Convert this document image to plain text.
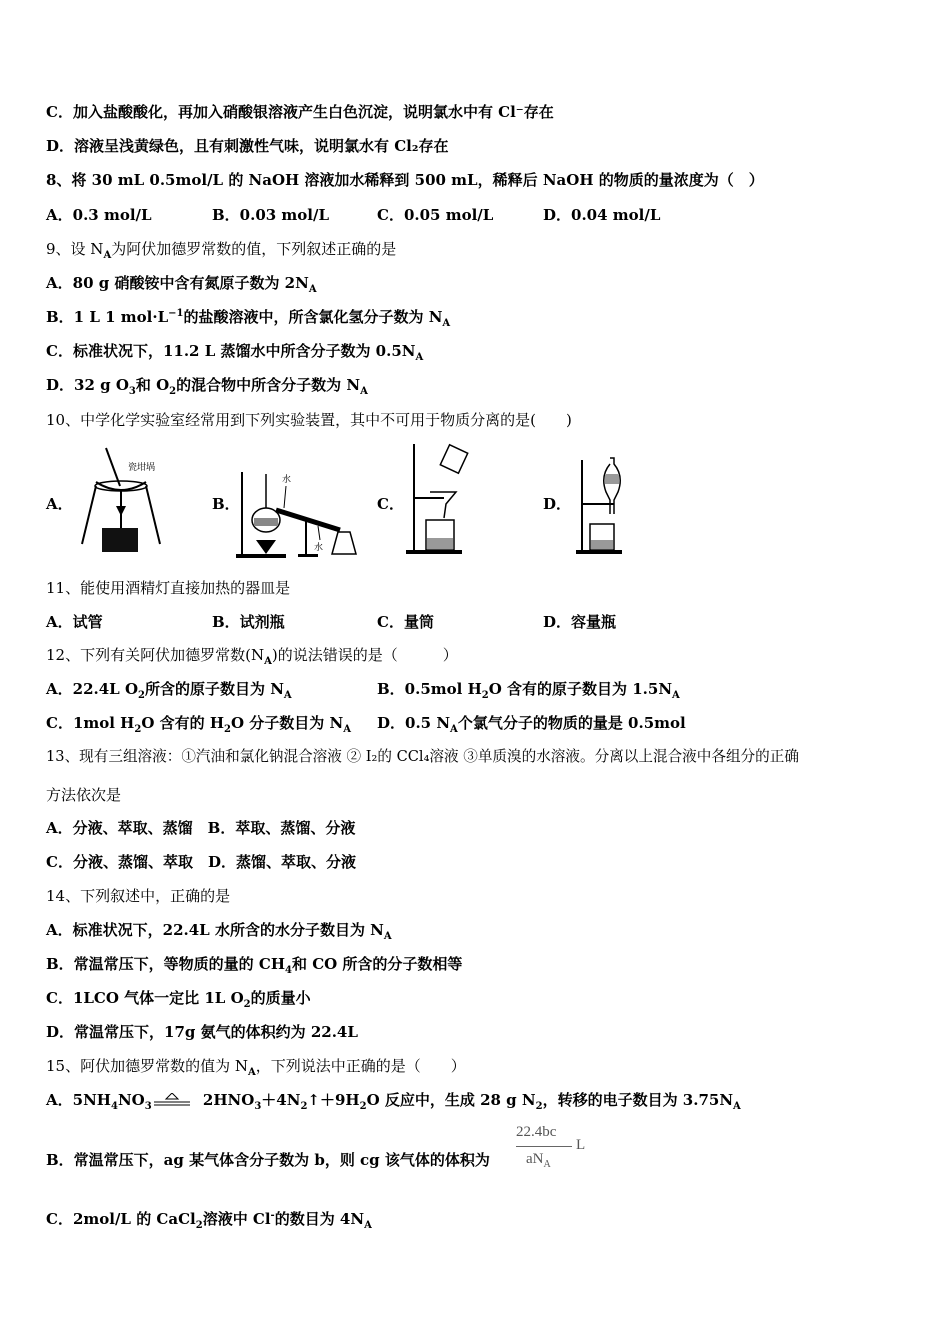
C．加入盐酸酸化，再加入硝酸银溶液产生白色沉淀，说明氯水中有 Cl⁻存在
D．溶液呈浅黄绿色，且有刺激性气味，说明氯水有 Cl₂存在
8、将 30 mL 0.5mol/L 的 NaOH 溶液加水稀释到 500 mL，稀释后 NaOH 的物质的量浓度为（　）
A．0.3 mol/L	B．0.03 mol/L	C．0.05 mol/L	D．0.04 mol/L
9、设 $N_A$为阿伏加德罗常数的值，下列叙述正确的是
A．80 g 硝酸铵中含有氮原子数为 $2N_A$
B．1 L 1 $mol\cdot L^{-1}$的盐酸溶液中，所含氯化氢分子数为 $N_A$
C．标准状况下，11.2 L 蒸馏水中所含分子数为 $0.5N_A$
D．32 g $O_3$和 $O_2$的混合物中所含分子数为 $N_A$
10、中学化学实验室经常用到下列实验装置，其中不可用于物质分离的是(　　)
A．	B．	C．	D．
瓷坩埚
水
水
11、能使用酒精灯直接加热的器皿是
A．试管	B．试剂瓶	C．量筒	D．容量瓶
12、下列有关阿伏加德罗常数$(N_A)$的说法错误的是（　　　）
A．22.4L $O_2$所含的原子数目为 $N_A$	B．0.5mol $H_2O$ 含有的原子数目为 $1.5N_A$
C．1mol $H_2O$ 含有的 $H_2O$ 分子数目为 $N_A$ D．0.5 $N_A$个氯气分子的物质的量是 0.5mol
13、现有三组溶液：①汽油和氯化钠混合溶液 ② I₂的 CCl₄溶液 ③单质溴的水溶液。分离以上混合液中各组分的正确
方法依次是
A．分液、萃取、蒸馏　B．萃取、蒸馏、分液
C．分液、蒸馏、萃取　D．蒸馏、萃取、分液
14、下列叙述中，正确的是
A．标准状况下，22.4L 水所含的水分子数目为 $N_A$
B．常温常压下，等物质的量的 $CH_4$和 CO 所含的分子数相等
C．1LCO 气体一定比 1L $O_2$的质量小
D．常温常压下，17g 氨气的体积约为 22.4L
15、阿伏加德罗常数的值为 $N_A$，下列说法中正确的是（　　）
A．$5NH_4NO_3$	$2HNO_3+4N_2↑+9H_2O$ 反应中，生成 28 g $N_2$，转移的电子数目为 $3.75N_A$
B．常温常压下，ag 某气体含分子数为 b，则 cg 该气体的体积为
22.4bc
$aN_A$
L
C．2mol/L 的 CaCl$_2$溶液中 Cl-的数目为 $4N_A$
